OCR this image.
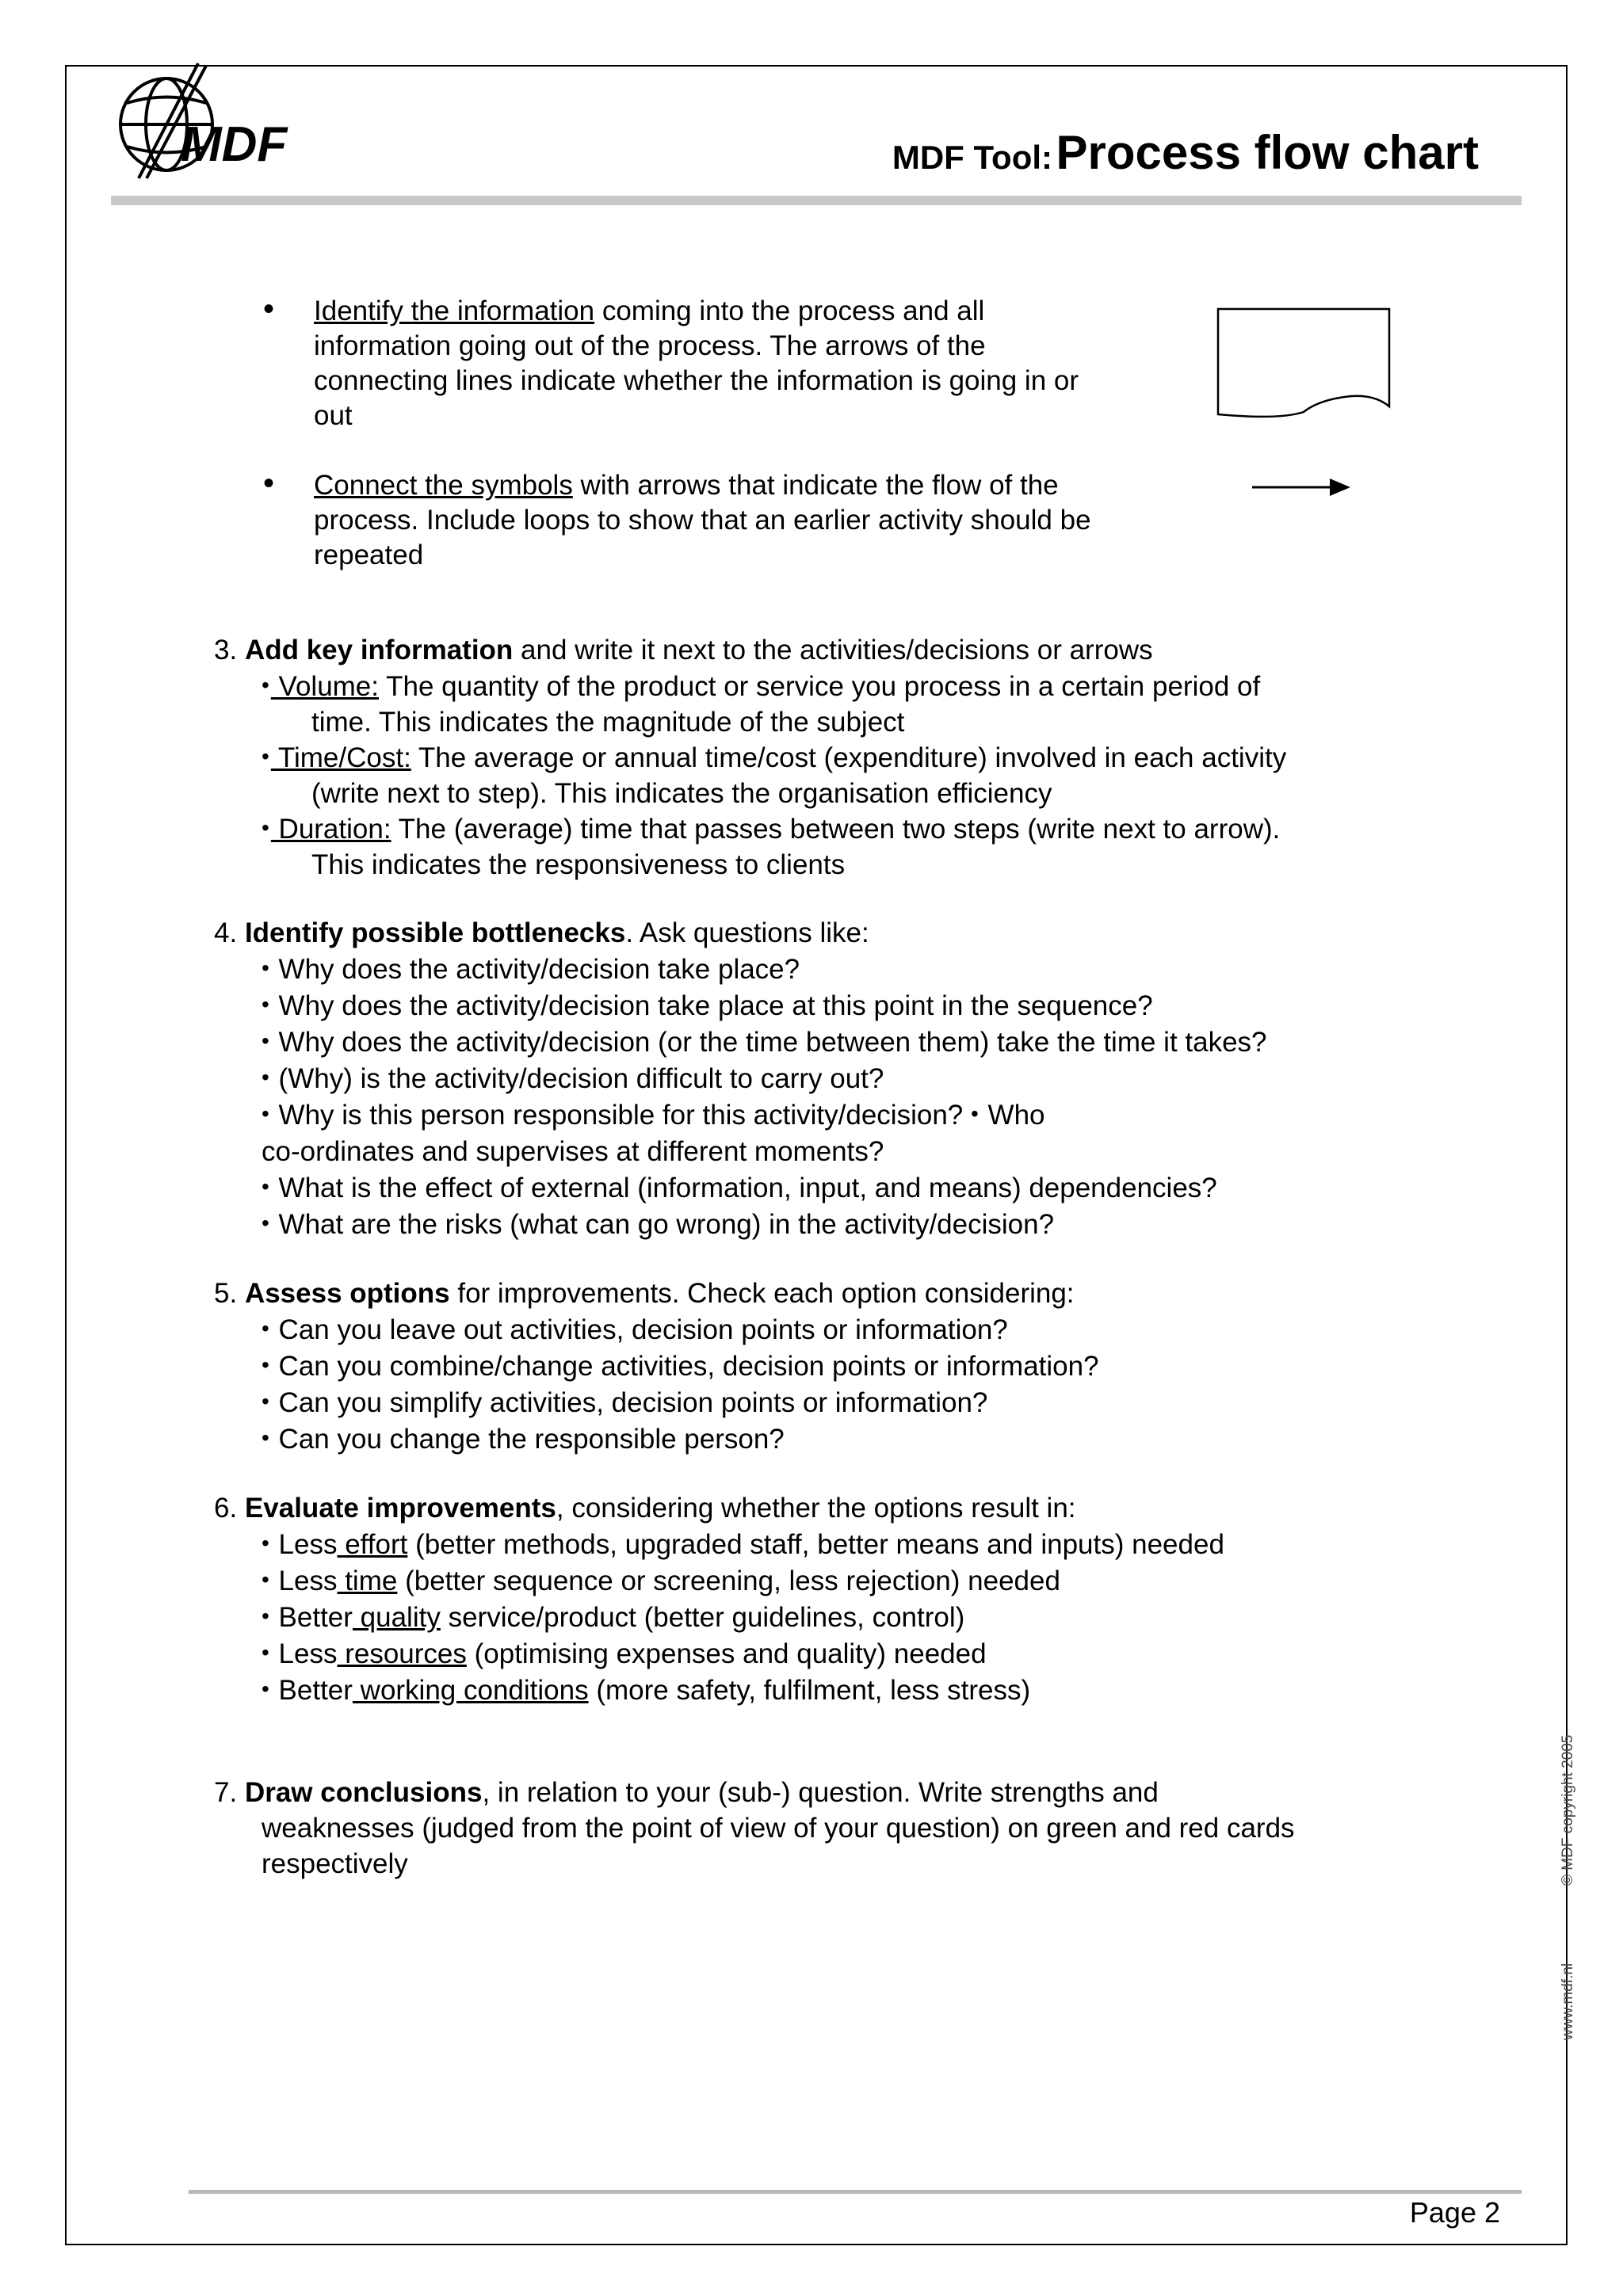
MDF	MDF Tool: Process flow chart
• Identify the information coming into the process and all
information going out of the process. The arrows of the
connecting lines indicate whether the information is going in or
out
• Connect the symbols with arrows that indicate the flow of the
process. Include loops to show that an earlier activity should be
repeated
3. Add key information and write it next to the activities/decisions or arrows
• Volume: The quantity of the product or service you process in a certain period of
time. This indicates the magnitude of the subject
• Time/Cost: The average or annual time/cost (expenditure) involved in each activity
(write next to step). This indicates the organisation efficiency
• Duration: The (average) time that passes between two steps (write next to arrow).
This indicates the responsiveness to clients
4. Identify possible bottlenecks. Ask questions like:
• Why does the activity/decision take place?
• Why does the activity/decision take place at this point in the sequence?
• Why does the activity/decision (or the time between them) take the time it takes?
• (Why) is the activity/decision difficult to carry out?
• Why is this person responsible for this activity/decision? • Who
co-ordinates and supervises at different moments?
• What is the effect of external (information, input, and means) dependencies?
• What are the risks (what can go wrong) in the activity/decision?
5. Assess options for improvements. Check each option considering:
• Can you leave out activities, decision points or information?
• Can you combine/change activities, decision points or information?
• Can you simplify activities, decision points or information?
• Can you change the responsible person?
6. Evaluate improvements, considering whether the options result in:
• Less effort (better methods, upgraded staff, better means and inputs) needed
• Less time (better sequence or screening, less rejection) needed
• Better quality service/product (better guidelines, control)
• Less resources (optimising expenses and quality) needed
• Better working conditions (more safety, fulfilment, less stress)
7. Draw conclusions, in relation to your (sub-) question. Write strengths and
weaknesses (judged from the point of view of your question) on green and red cards
respectively	© MDF copyright 2005
www.mdf.nl
Page 2
